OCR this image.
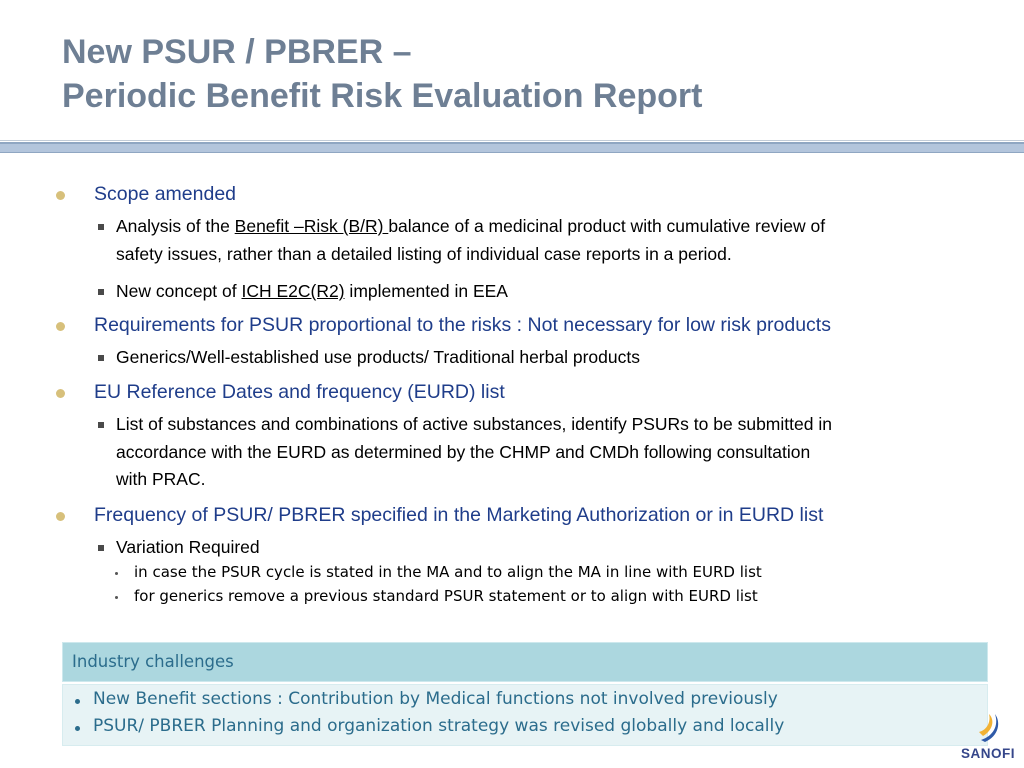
New PSUR / PBRER –
Periodic Benefit Risk Evaluation Report
Scope amended
Analysis of the Benefit –Risk (B/R) balance of a medicinal product with cumulative review of
safety issues, rather than a detailed listing of individual case reports in a period.
New concept of ICH E2C(R2) implemented in EEA
Requirements for PSUR proportional to the risks : Not necessary for low risk products
Generics/Well-established use products/ Traditional herbal products
EU Reference Dates and frequency (EURD) list
List of substances and combinations of active substances, identify PSURs to be submitted in
accordance with the EURD as determined by the CHMP and CMDh following consultation
with PRAC.
Frequency of PSUR/ PBRER specified in the Marketing Authorization or in EURD list
Variation Required
in case the PSUR cycle is stated in the MA and to align the MA in line with EURD list
for generics remove a previous standard PSUR statement or to align with EURD list
Industry challenges
New Benefit sections : Contribution by Medical functions not involved previously
PSUR/ PBRER Planning and organization strategy was revised globally and locally
SANOFI
